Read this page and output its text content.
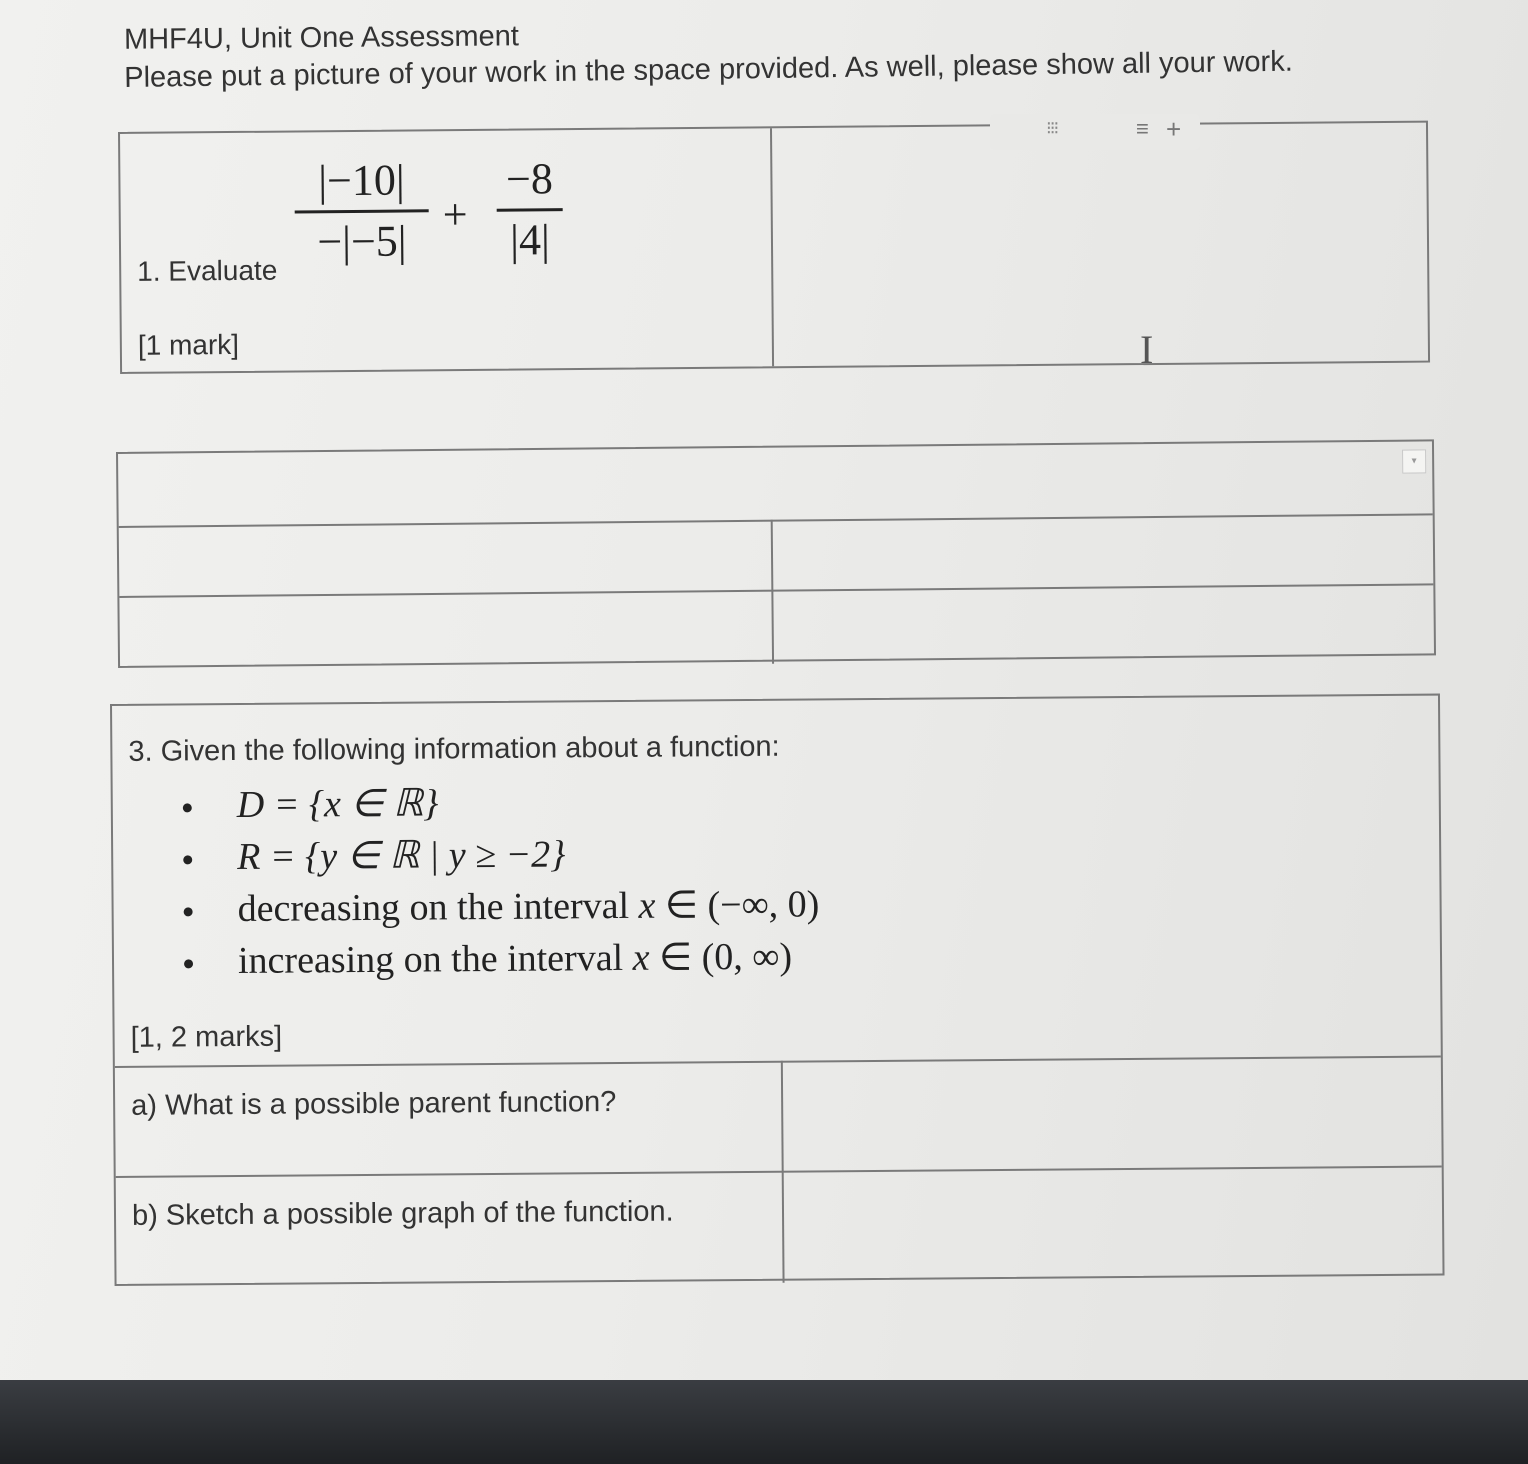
MHF4U, Unit One Assessment
Please put a picture of your work in the space provided. As well, please show all your work.
|−10|
−|−5|
+
−8
|4|
1. Evaluate
[1 mark]
⁝⁝⁝	≡ +
I
▾
3. Given the following information about a function:
D = {x ∈ ℝ}
R = {y ∈ ℝ | y ≥ −2}
decreasing on the interval x ∈ (−∞, 0)
increasing on the interval x ∈ (0, ∞)
[1, 2 marks]
a) What is a possible parent function?
b) Sketch a possible graph of the function.
